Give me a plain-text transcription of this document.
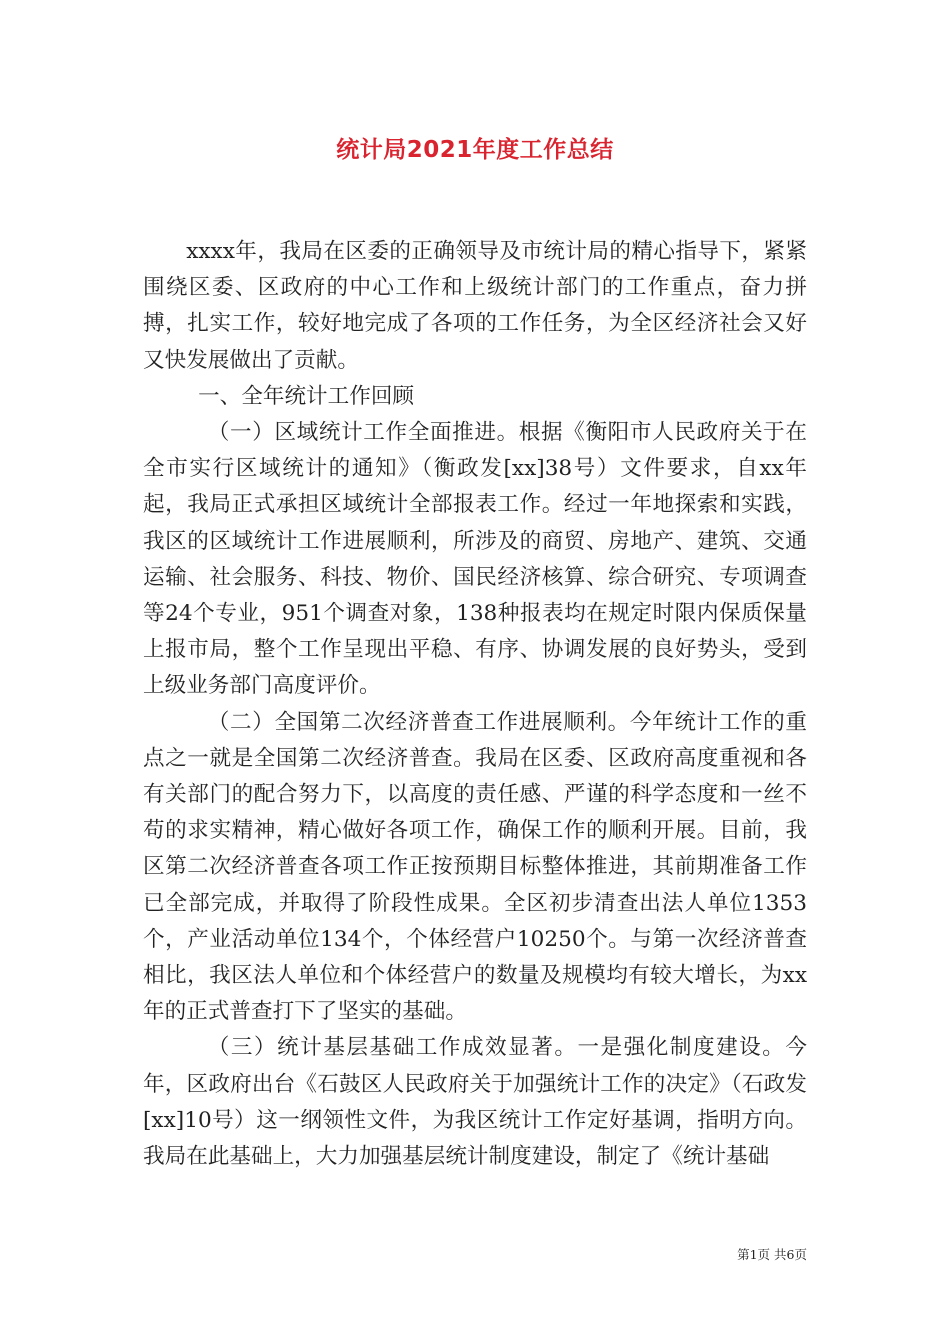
统计局2021年度工作总结

xxxx年，我局在区委的正确领导及市统计局的精心指导下，紧紧围绕区委、区政府的中心工作和上级统计部门的工作重点，奋力拼搏，扎实工作，较好地完成了各项的工作任务，为全区经济社会又好又快发展做出了贡献。

一、全年统计工作回顾

（一）区域统计工作全面推进。根据《衡阳市人民政府关于在全市实行区域统计的通知》（衡政发[xx]38号）文件要求，自xx年起，我局正式承担区域统计全部报表工作。经过一年地探索和实践，我区的区域统计工作进展顺利，所涉及的商贸、房地产、建筑、交通运输、社会服务、科技、物价、国民经济核算、综合研究、专项调查等24个专业，951个调查对象，138种报表均在规定时限内保质保量上报市局，整个工作呈现出平稳、有序、协调发展的良好势头，受到上级业务部门高度评价。

（二）全国第二次经济普查工作进展顺利。今年统计工作的重点之一就是全国第二次经济普查。我局在区委、区政府高度重视和各有关部门的配合努力下，以高度的责任感、严谨的科学态度和一丝不苟的求实精神，精心做好各项工作，确保工作的顺利开展。目前，我区第二次经济普查各项工作正按预期目标整体推进，其前期准备工作已全部完成，并取得了阶段性成果。全区初步清查出法人单位1353个，产业活动单位134个，个体经营户10250个。与第一次经济普查相比，我区法人单位和个体经营户的数量及规模均有较大增长，为xx年的正式普查打下了坚实的基础。

（三）统计基层基础工作成效显著。一是强化制度建设。今年，区政府出台《石鼓区人民政府关于加强统计工作的决定》（石政发[xx]10号）这一纲领性文件，为我区统计工作定好基调，指明方向。我局在此基础上，大力加强基层统计制度建设，制定了《统计基础

第1页 共6页
